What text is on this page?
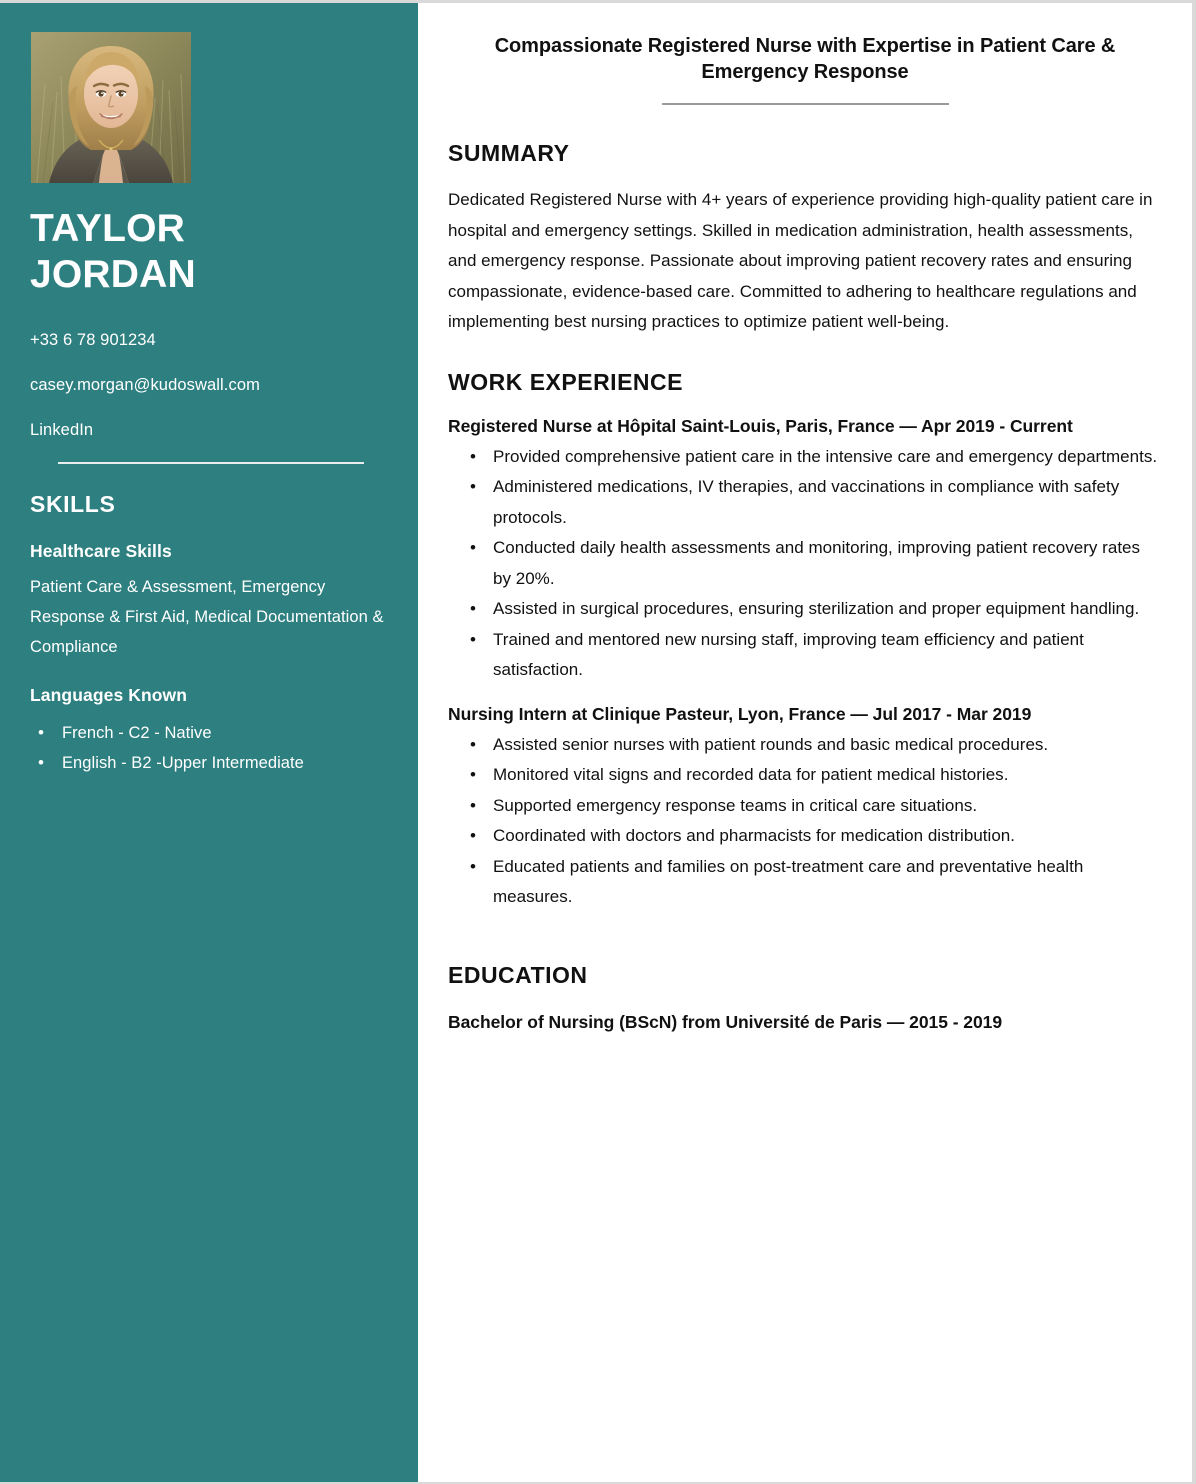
TAYLOR
JORDAN
+33 6 78 901234
casey.morgan@kudoswall.com
LinkedIn
SKILLS
Healthcare Skills

Patient Care & Assessment, Emergency Response & First Aid, Medical Documentation & Compliance

Languages Known
• French - C2 - Native
• English - B2 -Upper Intermediate
Compassionate Registered Nurse with Expertise in Patient Care & Emergency Response
SUMMARY

Dedicated Registered Nurse with 4+ years of experience providing high-quality patient care in hospital and emergency settings. Skilled in medication administration, health assessments, and emergency response. Passionate about improving patient recovery rates and ensuring compassionate, evidence-based care. Committed to adhering to healthcare regulations and implementing best nursing practices to optimize patient well-being.

WORK EXPERIENCE
Registered Nurse at Hôpital Saint-Louis, Paris, France — Apr 2019 - Current
• Provided comprehensive patient care in the intensive care and emergency departments.
• Administered medications, IV therapies, and vaccinations in compliance with safety protocols.
• Conducted daily health assessments and monitoring, improving patient recovery rates by 20%.
• Assisted in surgical procedures, ensuring sterilization and proper equipment handling.
• Trained and mentored new nursing staff, improving team efficiency and patient satisfaction.
Nursing Intern at Clinique Pasteur, Lyon, France — Jul 2017 - Mar 2019
• Assisted senior nurses with patient rounds and basic medical procedures.
• Monitored vital signs and recorded data for patient medical histories.
• Supported emergency response teams in critical care situations.
• Coordinated with doctors and pharmacists for medication distribution.
• Educated patients and families on post-treatment care and preventative health measures.
EDUCATION
Bachelor of Nursing (BScN) from Université de Paris — 2015 - 2019
